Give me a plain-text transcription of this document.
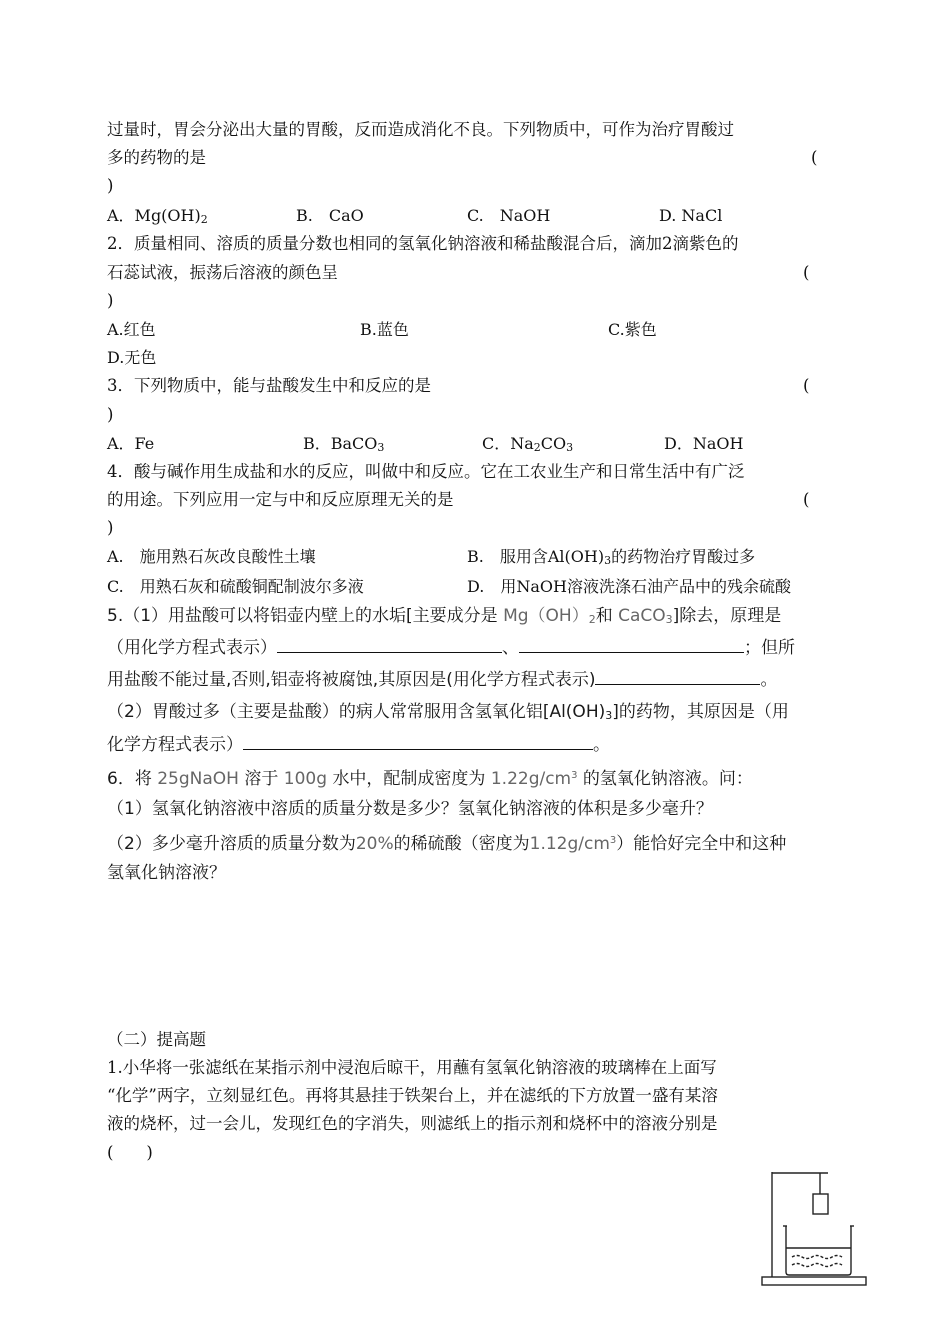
过量时，胃会分泌出大量的胃酸，反而造成消化不良。下列物质中，可作为治疗胃酸过
多的药物的是	(
)
A．$Mg(OH)_2$	B.　CaO	C.　NaOH	D. NaCl
2．质量相同、溶质的质量分数也相同的氢氧化钠溶液和稀盐酸混合后，滴加2滴紫色的
石蕊试液，振荡后溶液的颜色呈	(
)
A.红色	B.蓝色	C.紫色
D.无色
3．下列物质中，能与盐酸发生中和反应的是	(
)
A．Fe	B．BaCO$_3$	C．$Na_2CO_3$	D．NaOH
4．酸与碱作用生成盐和水的反应，叫做中和反应。它在工农业生产和日常生活中有广泛
的用途。下列应用一定与中和反应原理无关的是	(
)
A.　施用熟石灰改良酸性土壤	B.　服用含$Al(OH)_3$的药物治疗胃酸过多
C.　用熟石灰和硫酸铜配制波尔多液	D.　用NaOH溶液洗涤石油产品中的残余硫酸
5.（1）用盐酸可以将铝壶内壁上的水垢[主要成分是 $Mg(OH)_2$和 CaCO$_3$]除去，原理是
（用化学方程式表示）	、	；但所
用盐酸不能过量,否则,铝壶将被腐蚀,其原因是(用化学方程式表示)	。
（2）胃酸过多（主要是盐酸）的病人常常服用含氢氧化铝$[Al(OH)_3]$的药物，其原因是（用
化学方程式表示）	。
6．将 25gNaOH 溶于 100g 水中，配制成密度为 $1.22g/cm^3$ 的氢氧化钠溶液。问：
（1）氢氧化钠溶液中溶质的质量分数是多少？氢氧化钠溶液的体积是多少毫升？
（2）多少毫升溶质的质量分数为20%的稀硫酸（密度为$1.12g/cm^3$）能恰好完全中和这种
氢氧化钠溶液？
（二）提高题
1.小华将一张滤纸在某指示剂中浸泡后晾干，用蘸有氢氧化钠溶液的玻璃棒在上面写
“化学”两字，立刻显红色。再将其悬挂于铁架台上，并在滤纸的下方放置一盛有某溶
液的烧杯，过一会儿，发现红色的字消失，则滤纸上的指示剂和烧杯中的溶液分别是
(　　)
